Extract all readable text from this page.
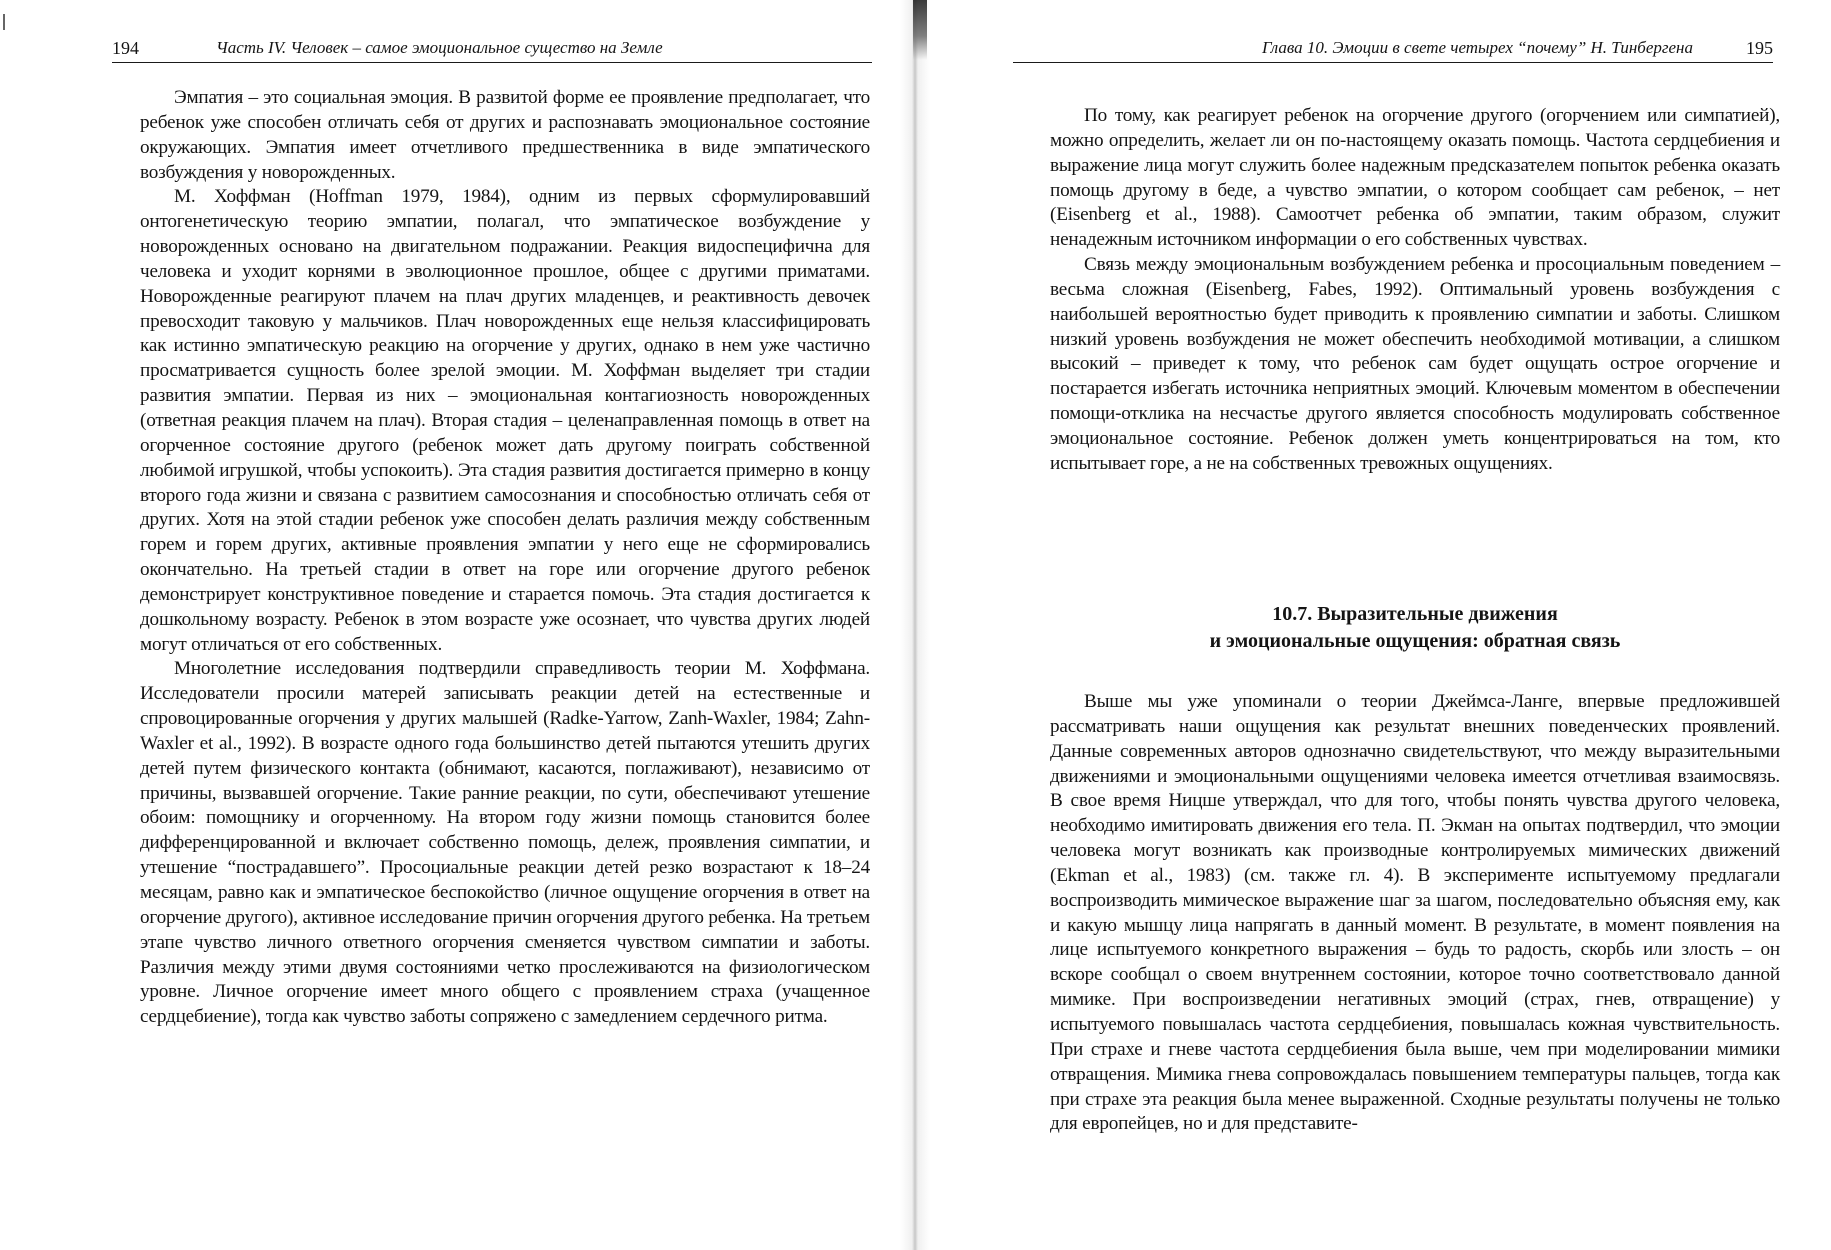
194	Часть IV. Человек – самое эмоциональное существо на Земле

Эмпатия – это социальная эмоция. В развитой форме ее проявление предполагает, что ребенок уже способен отличать себя от других и распознавать эмоциональное состояние окружающих. Эмпатия имеет отчетливого предшественника в виде эмпатического возбуждения у новорожденных.

М. Хоффман (Hoffman 1979, 1984), одним из первых сформулировавший онтогенетическую теорию эмпатии, полагал, что эмпатическое возбуждение у новорожденных основано на двигательном подражании. Реакция видоспецифична для человека и уходит корнями в эволюционное прошлое, общее с другими приматами. Новорожденные реагируют плачем на плач других младенцев, и реактивность девочек превосходит таковую у мальчиков. Плач новорожденных еще нельзя классифицировать как истинно эмпатическую реакцию на огорчение у других, однако в нем уже частично просматривается сущность более зрелой эмоции. М. Хоффман выделяет три стадии развития эмпатии. Первая из них – эмоциональная контагиозность новорожденных (ответная реакция плачем на плач). Вторая стадия – целенаправленная помощь в ответ на огорченное состояние другого (ребенок может дать другому поиграть собственной любимой игрушкой, чтобы успокоить). Эта стадия развития достигается примерно в концу второго года жизни и связана с развитием самосознания и способностью отличать себя от других. Хотя на этой стадии ребенок уже способен делать различия между собственным горем и горем других, активные проявления эмпатии у него еще не сформировались окончательно. На третьей стадии в ответ на горе или огорчение другого ребенок демонстрирует конструктивное поведение и старается помочь. Эта стадия достигается к дошкольному возрасту. Ребенок в этом возрасте уже осознает, что чувства других людей могут отличаться от его собственных.

Многолетние исследования подтвердили справедливость теории М. Хоффмана. Исследователи просили матерей записывать реакции детей на естественные и спровоцированные огорчения у других малышей (Radke-Yarrow, Zanh-Waxler, 1984; Zahn-Waxler et al., 1992). В возрасте одного года большинство детей пытаются утешить других детей путем физического контакта (обнимают, касаются, поглаживают), независимо от причины, вызвавшей огорчение. Такие ранние реакции, по сути, обеспечивают утешение обоим: помощнику и огорченному. На втором году жизни помощь становится более дифференцированной и включает собственно помощь, дележ, проявления симпатии, и утешение “пострадавшего”. Просоциальные реакции детей резко возрастают к 18–24 месяцам, равно как и эмпатическое беспокойство (личное ощущение огорчения в ответ на огорчение другого), активное исследование причин огорчения другого ребенка. На третьем этапе чувство личного ответного огорчения сменяется чувством симпатии и заботы. Различия между этими двумя состояниями четко прослеживаются на физиологическом уровне. Личное огорчение имеет много общего с проявлением страха (учащенное сердцебиение), тогда как чувство заботы сопряжено с замедлением сердечного ритма.

Глава 10. Эмоции в свете четырех “почему” Н. Тинбергена	195

По тому, как реагирует ребенок на огорчение другого (огорчением или симпатией), можно определить, желает ли он по-настоящему оказать помощь. Частота сердцебиения и выражение лица могут служить более надежным предсказателем попыток ребенка оказать помощь другому в беде, а чувство эмпатии, о котором сообщает сам ребенок, – нет (Eisenberg et al., 1988). Самоотчет ребенка об эмпатии, таким образом, служит ненадежным источником информации о его собственных чувствах.

Связь между эмоциональным возбуждением ребенка и просоциальным поведением – весьма сложная (Eisenberg, Fabes, 1992). Оптимальный уровень возбуждения с наибольшей вероятностью будет приводить к проявлению симпатии и заботы. Слишком низкий уровень возбуждения не может обеспечить необходимой мотивации, а слишком высокий – приведет к тому, что ребенок сам будет ощущать острое огорчение и постарается избегать источника неприятных эмоций. Ключевым моментом в обеспечении помощи-отклика на несчастье другого является способность модулировать собственное эмоциональное состояние. Ребенок должен уметь концентрироваться на том, кто испытывает горе, а не на собственных тревожных ощущениях.

10.7. Выразительные движения
и эмоциональные ощущения: обратная связь

Выше мы уже упоминали о теории Джеймса-Ланге, впервые предложившей рассматривать наши ощущения как результат внешних поведенческих проявлений. Данные современных авторов однозначно свидетельствуют, что между выразительными движениями и эмоциональными ощущениями человека имеется отчетливая взаимосвязь. В свое время Ницше утверждал, что для того, чтобы понять чувства другого человека, необходимо имитировать движения его тела. П. Экман на опытах подтвердил, что эмоции человека могут возникать как производные контролируемых мимических движений (Ekman et al., 1983) (см. также гл. 4). В эксперименте испытуемому предлагали воспроизводить мимическое выражение шаг за шагом, последовательно объясняя ему, как и какую мышцу лица напрягать в данный момент. В результате, в момент появления на лице испытуемого конкретного выражения – будь то радость, скорбь или злость – он вскоре сообщал о своем внутреннем состоянии, которое точно соответствовало данной мимике. При воспроизведении негативных эмоций (страх, гнев, отвращение) у испытуемого повышалась частота сердцебиения, повышалась кожная чувствительность. При страхе и гневе частота сердцебиения была выше, чем при моделировании мимики отвращения. Мимика гнева сопровождалась повышением температуры пальцев, тогда как при страхе эта реакция была менее выраженной. Сходные результаты получены не только для европейцев, но и для представите-
